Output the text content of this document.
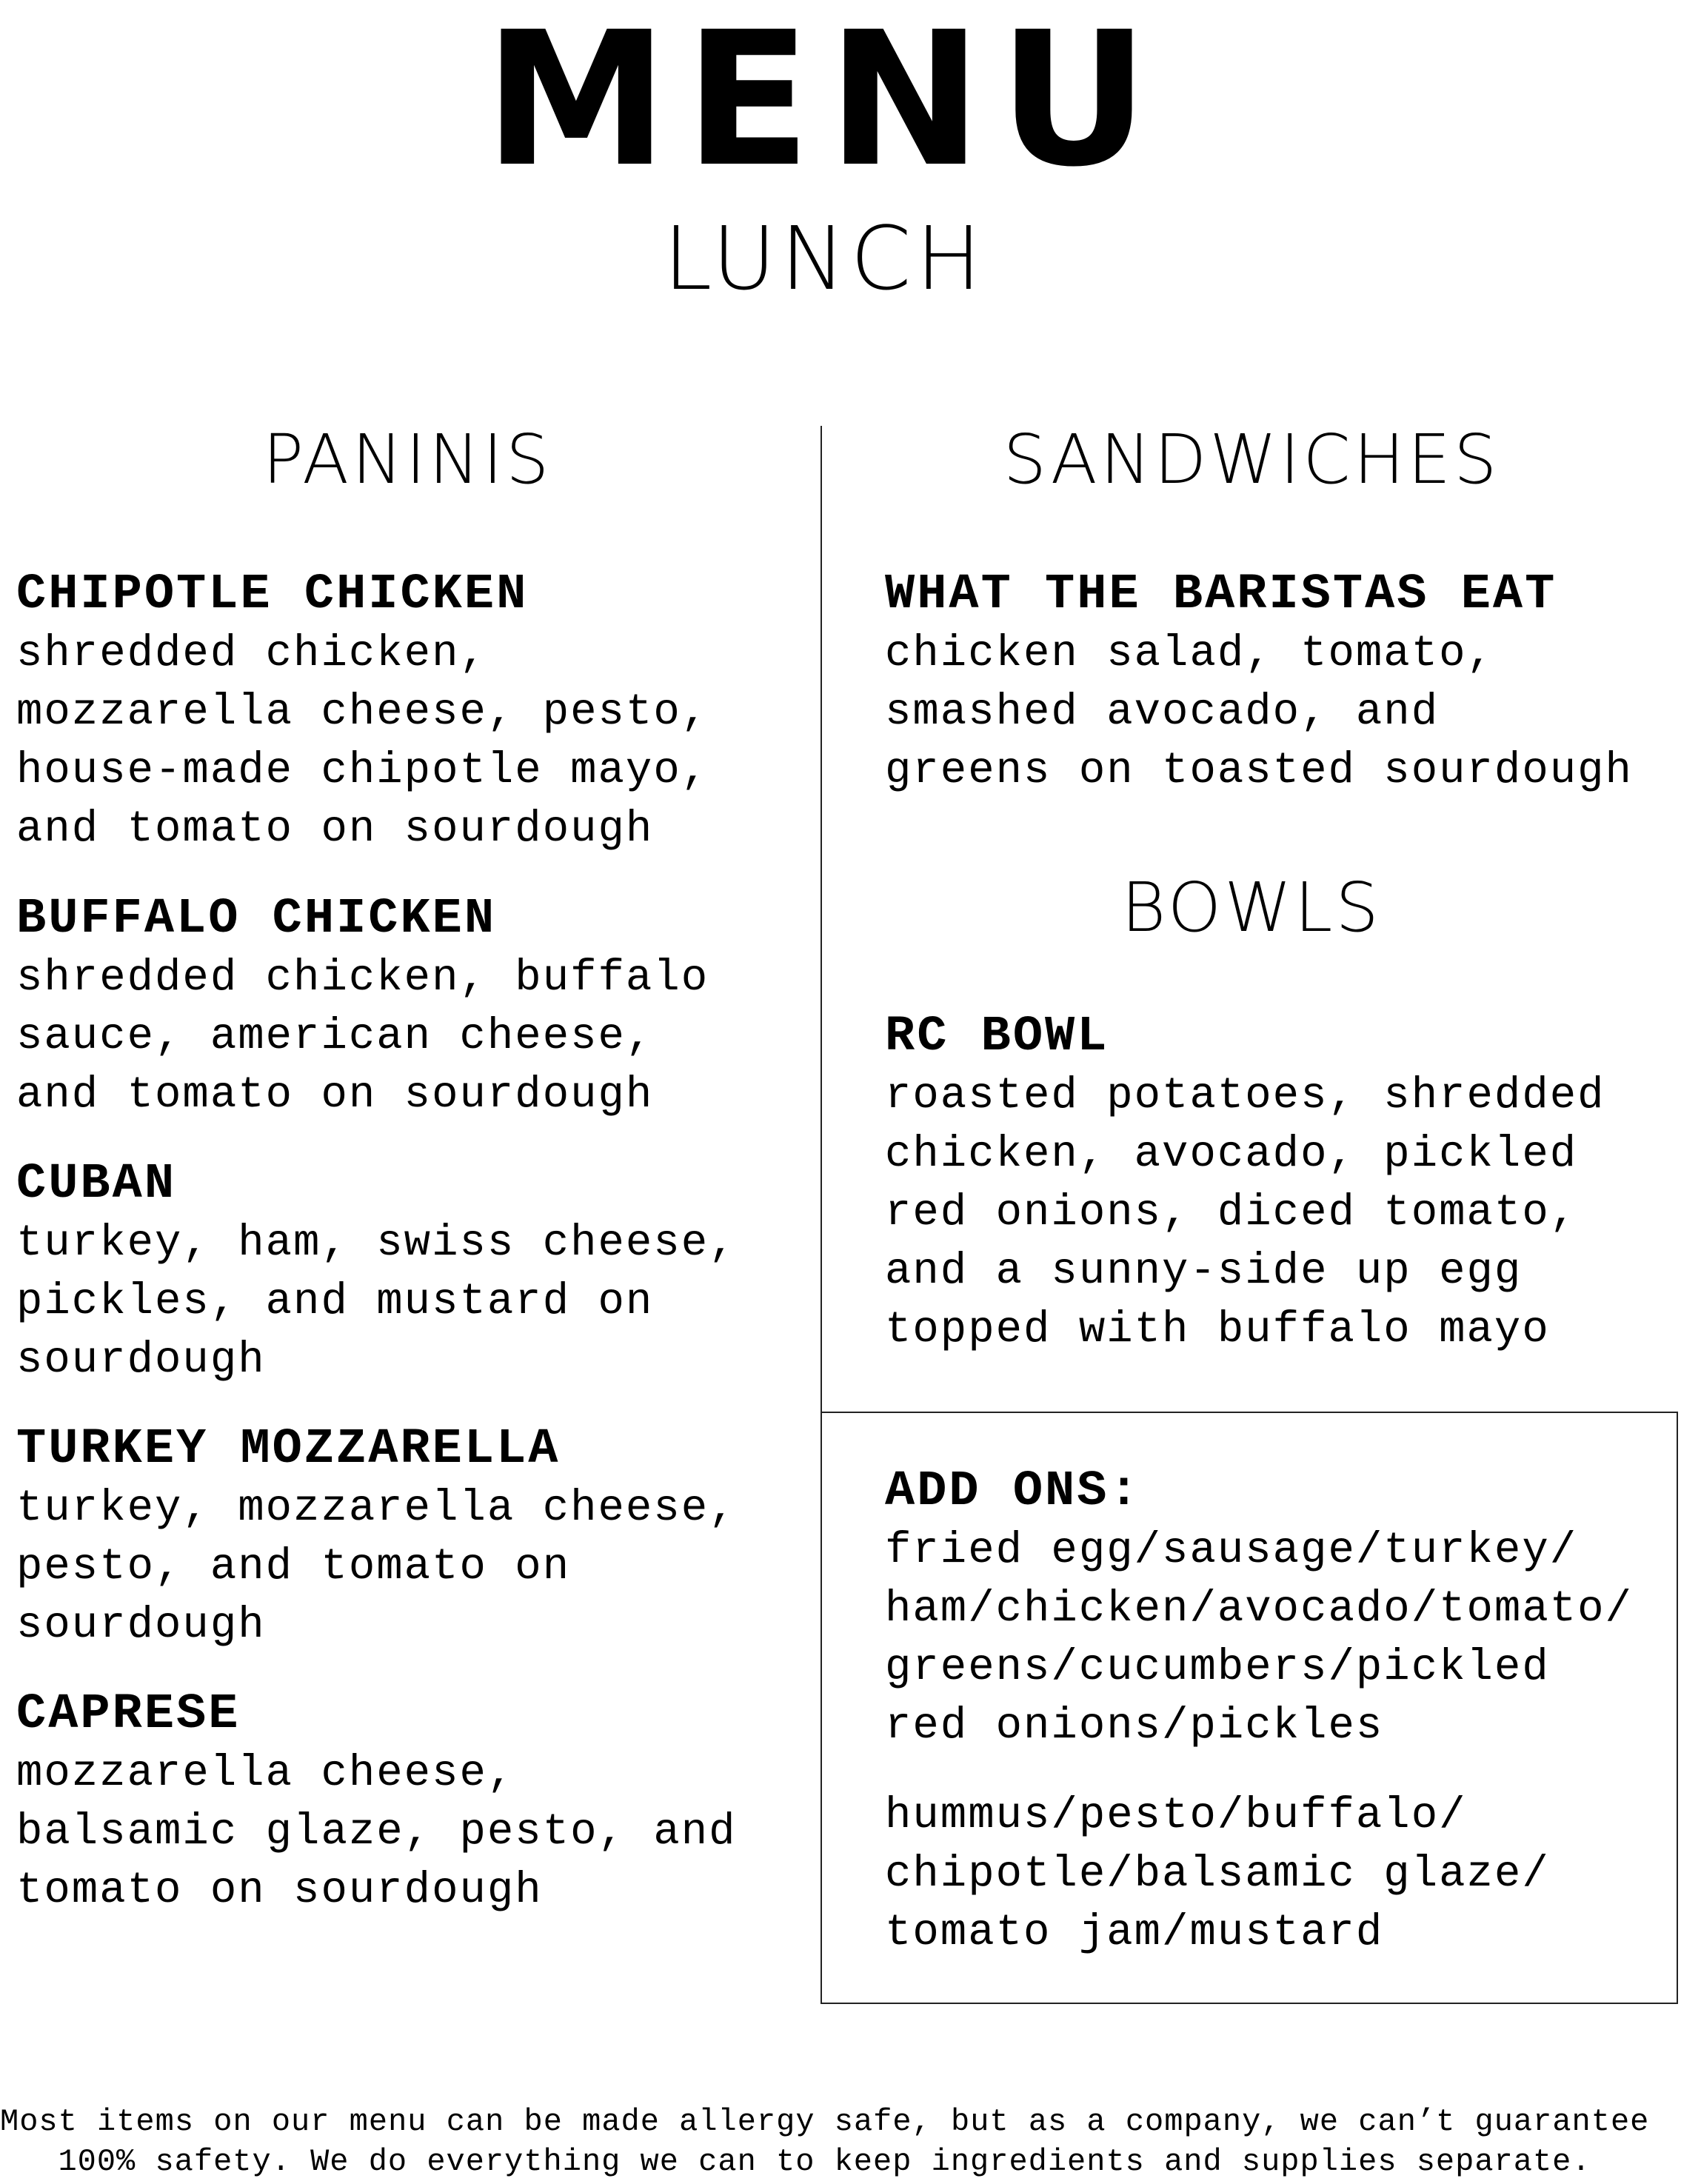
MENU
LUNCH
PANINIS
CHIPOTLE CHICKEN
shredded chicken,
mozzarella cheese, pesto,
house-made chipotle mayo,
and tomato on sourdough
BUFFALO CHICKEN
shredded chicken, buffalo
sauce, american cheese,
and tomato on sourdough
CUBAN
turkey, ham, swiss cheese,
pickles, and mustard on
sourdough
TURKEY MOZZARELLA
turkey, mozzarella cheese,
pesto, and tomato on
sourdough
CAPRESE
mozzarella cheese,
balsamic glaze, pesto, and
tomato on sourdough
SANDWICHES
WHAT THE BARISTAS EAT
chicken salad, tomato,
smashed avocado, and
greens on toasted sourdough
BOWLS
RC BOWL
roasted potatoes, shredded
chicken, avocado, pickled
red onions, diced tomato,
and a sunny-side up egg
topped with buffalo mayo
ADD ONS:
fried egg/sausage/turkey/
ham/chicken/avocado/tomato/
greens/cucumbers/pickled
red onions/pickles
hummus/pesto/buffalo/
chipotle/balsamic glaze/
tomato jam/mustard
Most items on our menu can be made allergy safe, but as a company, we can’t guarantee
100% safety. We do everything we can to keep ingredients and supplies separate.
